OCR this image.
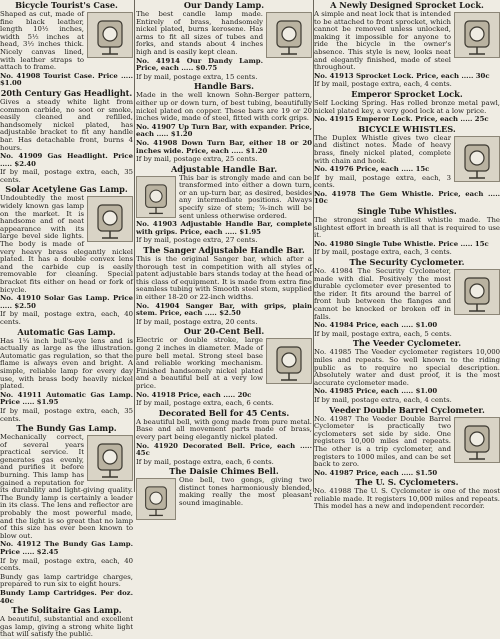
Bicycle Tourist's Case.

Shaped as cut, made of fine black leather, length 10½ inches, width 5½ inches at head, 3½ inches thick. Nicely canvas lined, with leather straps to attach to frame.

No. 41908 Tourist Case. Price ..... $1.00

20th Century Gas Headlight.

Gives a steady white light from common carbide, no soot or smoke, easily cleaned and refilled, handsomely nickel plated, has adjustable bracket to fit any handle bar. Has detachable front, burns 4 hours.

No. 41909 Gas Headlight. Price ..... $2.40

If by mail, postage extra, each, 35 cents.

Solar Acetylene Gas Lamp.

Undoubtedly the most widely known gas lamp on the market. It is handsome and of neat appearance with its large bevel side lights. The body is made of very heavy brass elegantly nickel plated. It has a double convex lens and the carbide cup is easily removable for cleaning. Special bracket fits either on head or fork of bicycle.

No. 41910 Solar Gas Lamp. Price ..... $2.50

If by mail, postage extra, each, 40 cents.

Automatic Gas Lamp.

Has 1¼ inch bull's-eye lens and is actually as large as the illustration. Automatic gas regulation, so that the flame is always even and bright. A simple, reliable lamp for every day use, with brass body heavily nickel plated.

No. 41911 Automatic Gas Lamp. Price ..... $1.95

If by mail, postage extra, each, 35 cents.

The Bundy Gas Lamp.

Mechanically correct, of several years practical service. It generates gas evenly, and purifies it before burning. This lamp has gained a reputation for its durability and light-giving quality. The Bundy lamp is certainly a leader in its class. The lens and reflector are probably the most powerful made, and the light is so great that no lamp of this size has ever been known to blow out.

No. 41912 The Bundy Gas Lamp. Price ..... $2.45

If by mail, postage extra, each, 40 cents.

Bundy gas lamp cartridge charges, prepared to run six to eight hours.

Bundy Lamp Cartridges. Per doz. 40c

The Solitaire Gas Lamp.

A beautiful, substantial and excellent gas lamp, giving a strong white light that will satisfy the public.

Our Dandy Lamp.

The best candle lamp made. Entirely of brass, handsomely nickel plated, burns kerosene. Has arms to fit all sizes of tubes and forks, and stands about 4 inches high and is easily kept clean.

No. 41914 Our Dandy Lamp. Price, each ..... $0.75

If by mail, postage extra, 15 cents.

Handle Bars.

Made in the well known Sohn-Berger pattern, either up or down turn, of best tubing, beautifully nickel plated on copper. These bars are 19 or 20 inches wide, made of steel, fitted with cork grips.

No. 41907 Up Turn Bar, with expander. Price, each ..... $1.20

No. 41908 Down Turn Bar, either 18 or 20 inches wide. Price, each ..... $1.20

If by mail, postage extra, 25 cents.

Adjustable Handle Bar.

This bar is strongly made and can be transformed into either a down turn, or an up-turn bar, as desired, besides any intermediate positions. Always specify size of stem; ⅞-inch will be sent unless otherwise ordered.

No. 41903 Adjustable Handle Bar, complete with grips. Price, each ..... $1.95

If by mail, postage extra, 27 cents.

The Sanger Adjustable Handle Bar.

This is the original Sanger bar, which after a thorough test in competition with all styles of patent adjustable bars stands today at the head of this class of equipment. It is made from extra fine seamless tubing with Smooth steel stem, supplied in either 18-20 or 22-inch widths.

No. 41904 Sanger Bar, with grips, plain stem. Price, each ..... $2.50

If by mail, postage extra, 20 cents.

Our 20-Cent Bell.

Electric or double stroke, large gong 2 inches in diameter. Made of pure bell metal. Strong steel base and reliable working mechanism. Finished handsomely nickel plated and a beautiful bell at a very low price.

No. 41918 Price, each ..... 20c

If by mail, postage extra, each, 6 cents.

Decorated Bell for 45 Cents.

A beautiful bell, with gong made from pure metal. Base and all movement parts made of brass, every part being elegantly nickel plated.

No. 41920 Decorated Bell. Price, each ..... 45c

If by mail, postage extra, each, 6 cents.

The Daisie Chimes Bell.

One bell, two gongs, giving two distinct tones harmoniously blended, making really the most pleasant sound imaginable.

A Newly Designed Sprocket Lock.

A simple and neat lock that is intended to be attached to front sprocket, which cannot be removed unless unlocked, making it impossible for anyone to ride the bicycle in the owner's absence. This style is new, looks neat and elegantly finished, made of steel throughout.

No. 41913 Sprocket Lock. Price, each ..... 30c

If by mail, postage extra, each, 4 cents.

Emperor Sprocket Lock.

Self Locking Spring. Has rolled bronze metal pawl, nickel plated key, a very good lock at a low price.

No. 41915 Emperor Lock. Price, each ..... 25c

BICYCLE WHISTLES.

The Duplex Whistle gives two clear and distinct notes. Made of heavy brass, finely nickel plated, complete with chain and hook.

No. 41976 Price, each ..... 15c

If by mail, postage extra, each, 3 cents.

No. 41978 The Gem Whistle. Price, each ..... 10c

Single Tube Whistles.

The strongest and shrillest whistle made. The slightest effort in breath is all that is required to use it.

No. 41980 Single Tube Whistle. Price ..... 15c

If by mail, postage extra, each, 3 cents.

The Security Cyclometer.

No. 41984 The Security Cyclometer, made with dial. Positively the most durable cyclometer ever presented to the rider. It fits around the barrel of front hub between the flanges and cannot be knocked or broken off in falls.

No. 41984 Price, each ..... $1.00

If by mail, postage extra, each, 5 cents.

The Veeder Cyclometer.

No. 41985 The Veeder cyclometer registers 10,000 miles and repeats. So well known to the riding public as to require no special description. Absolutely water and dust proof, it is the most accurate cyclometer made.

No. 41985 Price, each ..... $1.00

If by mail, postage extra, each, 4 cents.

Veeder Double Barrel Cyclometer.

No. 41987 The Veeder Double Barrel Cyclometer is practically two cyclometers set side by side. One registers 10,000 miles and repeats. The other is a trip cyclometer, and registers to 1000 miles, and can be set back to zero.

No. 41987 Price, each ..... $1.50

The U. S. Cyclometers.

No. 41988 The U. S. Cyclometer is one of the most reliable made. It registers 10,000 miles and repeats. This model has a new and independent recorder.
